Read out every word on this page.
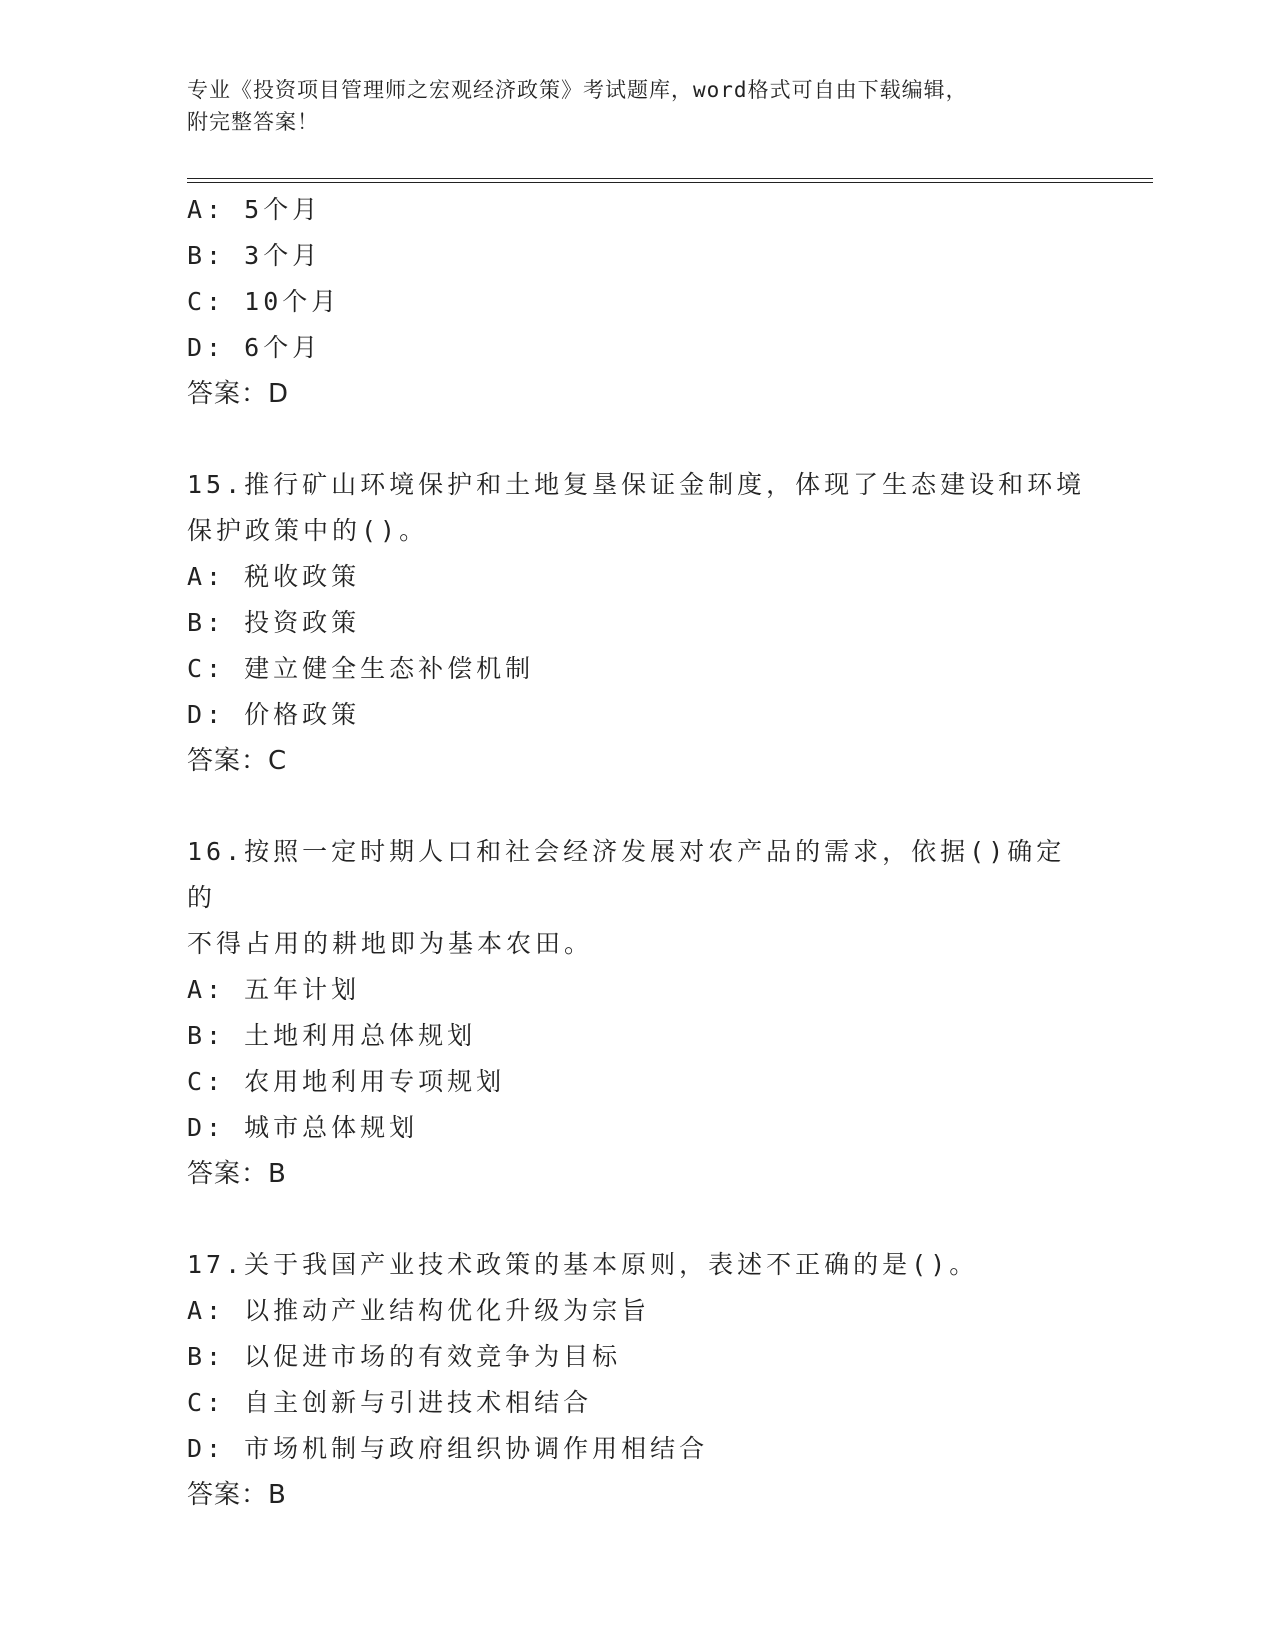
专业《投资项目管理师之宏观经济政策》考试题库，word格式可自由下载编辑，
附完整答案！
A: 5个月
B: 3个月
C: 10个月
D: 6个月
答案：D
15.推行矿山环境保护和土地复垦保证金制度，体现了生态建设和环境
保护政策中的()。
A: 税收政策
B: 投资政策
C: 建立健全生态补偿机制
D: 价格政策
答案：C
16.按照一定时期人口和社会经济发展对农产品的需求，依据()确定的
不得占用的耕地即为基本农田。
A: 五年计划
B: 土地利用总体规划
C: 农用地利用专项规划
D: 城市总体规划
答案：B
17.关于我国产业技术政策的基本原则，表述不正确的是()。
A: 以推动产业结构优化升级为宗旨
B: 以促进市场的有效竞争为目标
C: 自主创新与引进技术相结合
D: 市场机制与政府组织协调作用相结合
答案：B
